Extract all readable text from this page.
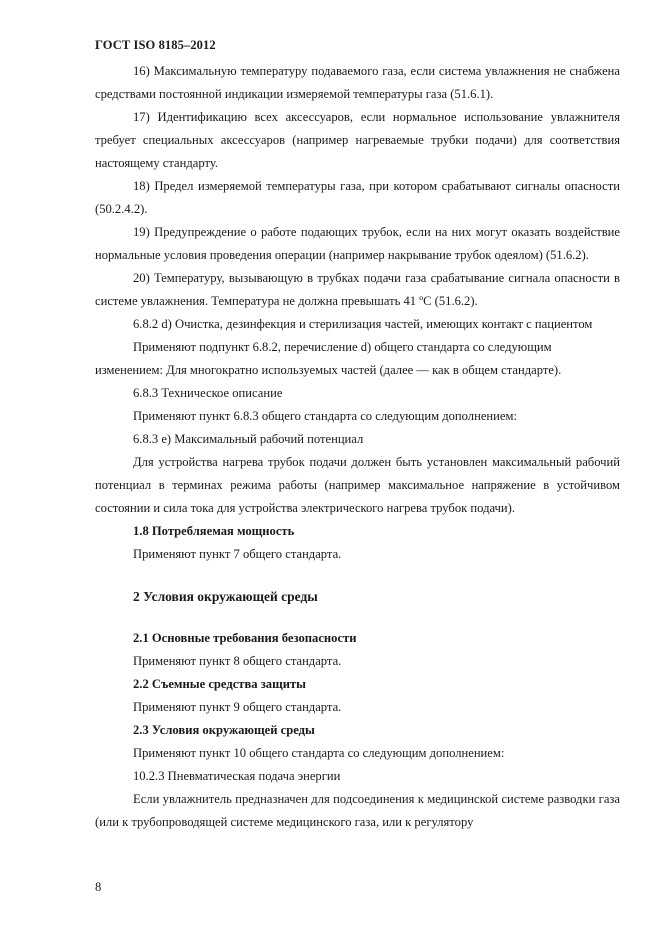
ГОСТ ISO 8185–2012

16) Максимальную температуру подаваемого газа, если система увлажнения не снабжена средствами постоянной индикации измеряемой температуры газа (51.6.1).

17) Идентификацию всех аксессуаров, если нормальное использование увлажнителя требует специальных аксессуаров (например нагреваемые трубки подачи) для соответствия настоящему стандарту.

18) Предел измеряемой температуры газа, при котором срабатывают сигналы опасности (50.2.4.2).

19) Предупреждение о работе подающих трубок, если на них могут оказать воздействие нормальные условия проведения операции (например накрывание трубок одеялом) (51.6.2).

20) Температуру, вызывающую в трубках подачи газа срабатывание сигнала опасности в системе увлажнения. Температура не должна превышать 41 ºС (51.6.2).

6.8.2 d) Очистка, дезинфекция и стерилизация частей, имеющих контакт с пациентом

Применяют подпункт 6.8.2, перечисление d) общего стандарта со следующим изменением: Для многократно используемых частей (далее — как в общем стандарте).

6.8.3 Техническое описание

Применяют пункт 6.8.3 общего стандарта со следующим дополнением:

6.8.3 е) Максимальный рабочий потенциал

Для устройства нагрева трубок подачи должен быть установлен максимальный рабочий потенциал в терминах режима работы (например максимальное напряжение в устойчивом состоянии и сила тока для устройства электрического нагрева трубок подачи).

1.8 Потребляемая мощность

Применяют пункт 7 общего стандарта.

2 Условия окружающей среды

2.1 Основные требования безопасности

Применяют пункт 8 общего стандарта.

2.2 Съемные средства защиты

Применяют пункт 9 общего стандарта.

2.3 Условия окружающей среды

Применяют пункт 10 общего стандарта со следующим дополнением:

10.2.3 Пневматическая подача энергии

Если увлажнитель предназначен для подсоединения к медицинской системе разводки газа (или к трубопроводящей системе медицинского газа, или к регулятору

8
